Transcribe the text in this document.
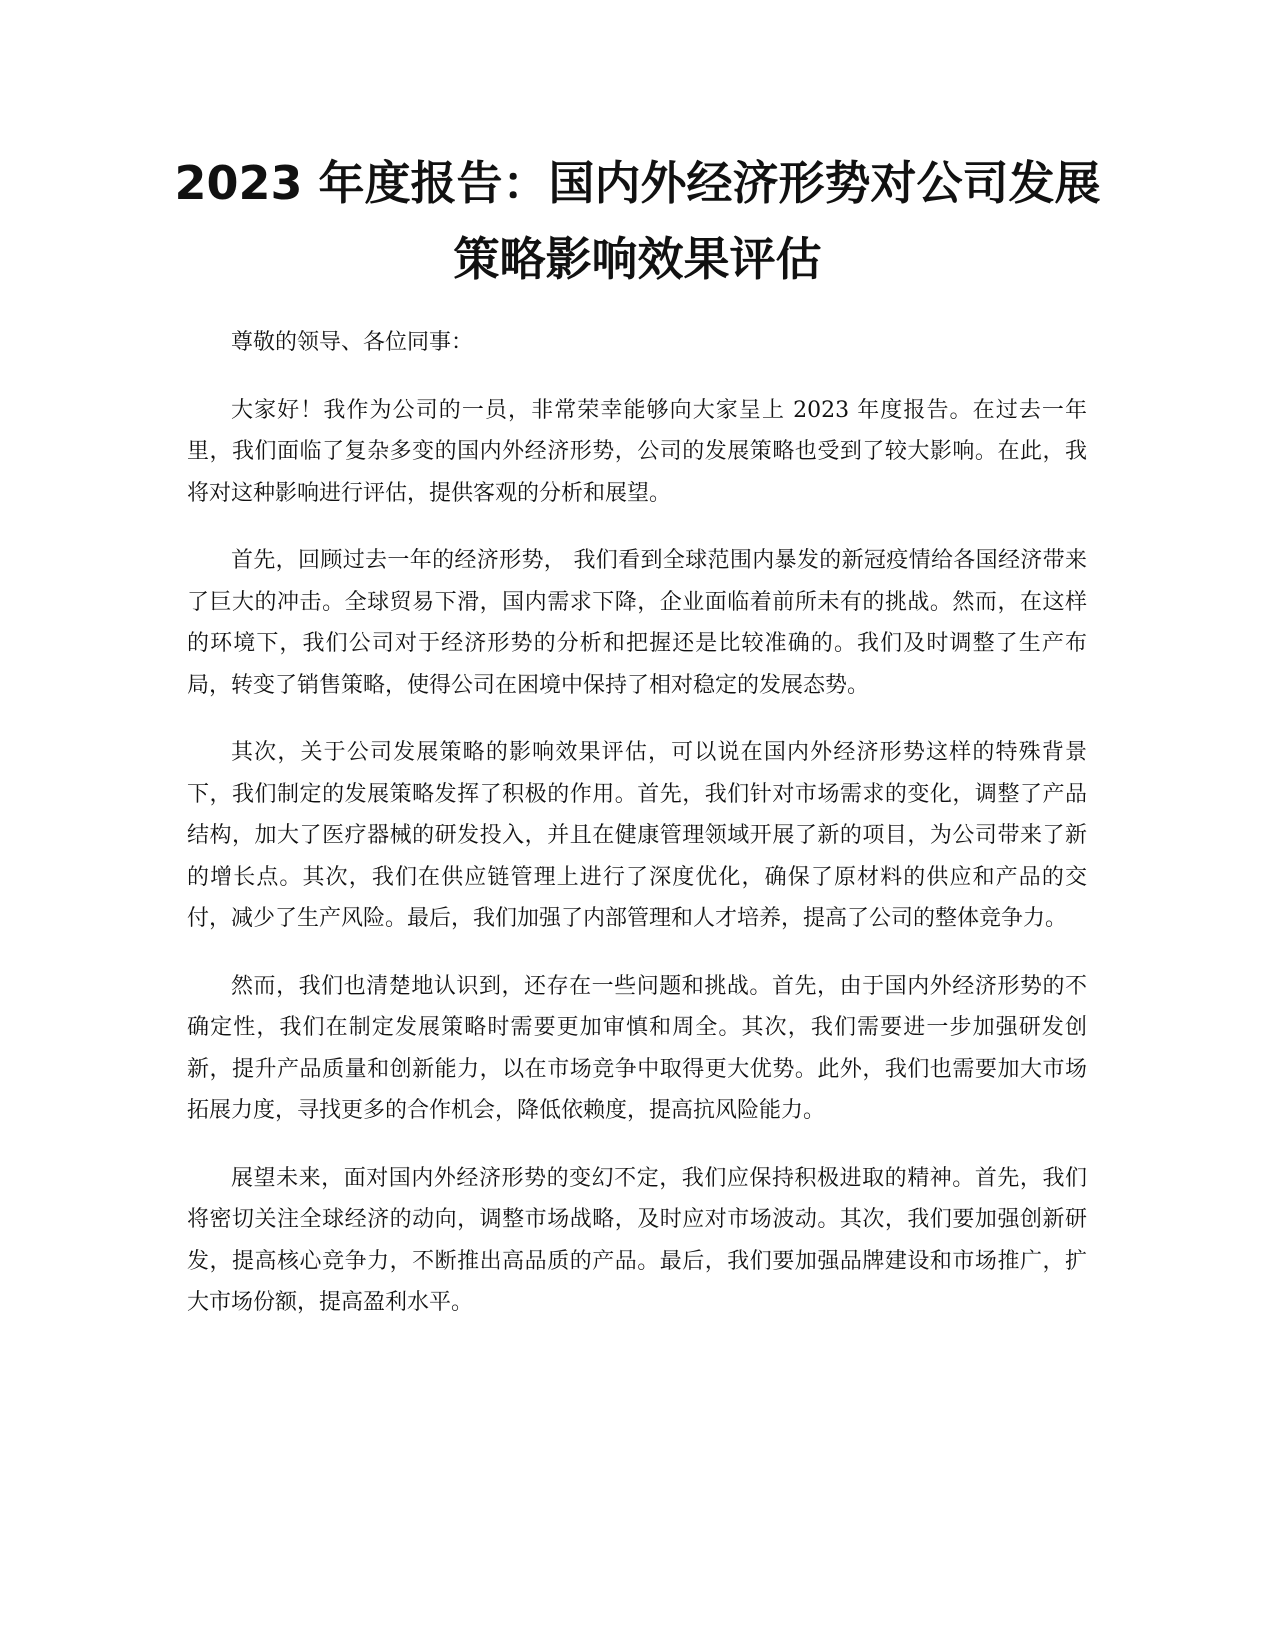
2023 年度报告：国内外经济形势对公司发展
策略影响效果评估

尊敬的领导、各位同事：

大家好！我作为公司的一员，非常荣幸能够向大家呈上 2023 年度报告。在过去一年里，我们面临了复杂多变的国内外经济形势，公司的发展策略也受到了较大影响。在此，我将对这种影响进行评估，提供客观的分析和展望。

首先，回顾过去一年的经济形势， 我们看到全球范围内暴发的新冠疫情给各国经济带来了巨大的冲击。全球贸易下滑，国内需求下降，企业面临着前所未有的挑战。然而，在这样的环境下，我们公司对于经济形势的分析和把握还是比较准确的。我们及时调整了生产布局，转变了销售策略，使得公司在困境中保持了相对稳定的发展态势。

其次，关于公司发展策略的影响效果评估，可以说在国内外经济形势这样的特殊背景下，我们制定的发展策略发挥了积极的作用。首先，我们针对市场需求的变化，调整了产品结构，加大了医疗器械的研发投入，并且在健康管理领域开展了新的项目，为公司带来了新的增长点。其次，我们在供应链管理上进行了深度优化，确保了原材料的供应和产品的交付，减少了生产风险。最后，我们加强了内部管理和人才培养，提高了公司的整体竞争力。

然而，我们也清楚地认识到，还存在一些问题和挑战。首先，由于国内外经济形势的不确定性，我们在制定发展策略时需要更加审慎和周全。其次，我们需要进一步加强研发创新，提升产品质量和创新能力，以在市场竞争中取得更大优势。此外，我们也需要加大市场拓展力度，寻找更多的合作机会，降低依赖度，提高抗风险能力。

展望未来，面对国内外经济形势的变幻不定，我们应保持积极进取的精神。首先，我们将密切关注全球经济的动向，调整市场战略，及时应对市场波动。其次，我们要加强创新研发，提高核心竞争力，不断推出高品质的产品。最后，我们要加强品牌建设和市场推广，扩大市场份额，提高盈利水平。
